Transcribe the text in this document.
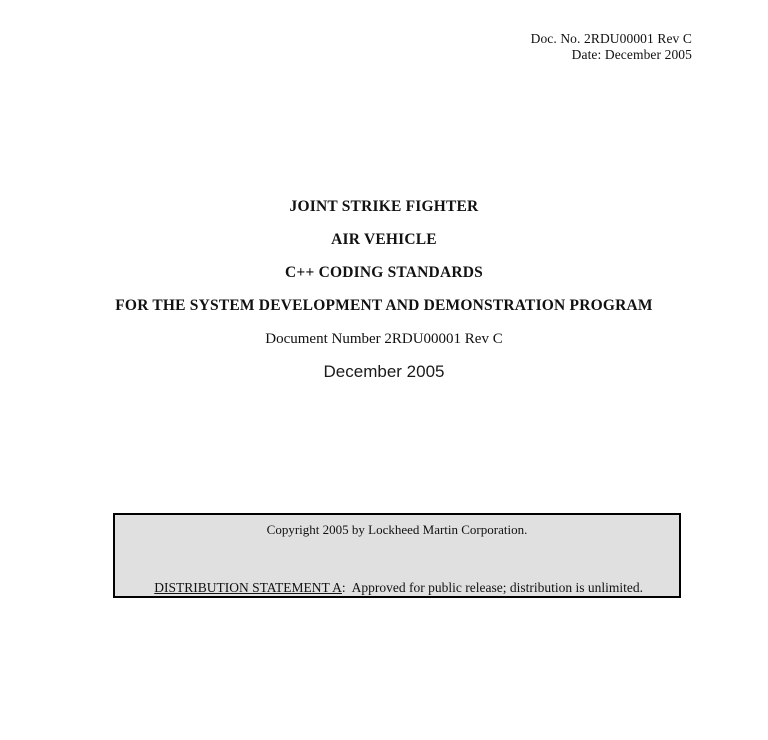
Doc. No. 2RDU00001 Rev C
Date: December 2005
JOINT STRIKE FIGHTER
AIR VEHICLE
C++ CODING STANDARDS
FOR THE SYSTEM DEVELOPMENT AND DEMONSTRATION PROGRAM
Document Number 2RDU00001 Rev C
December 2005
Copyright 2005 by Lockheed Martin Corporation.

DISTRIBUTION STATEMENT A:  Approved for public release; distribution is unlimited.
